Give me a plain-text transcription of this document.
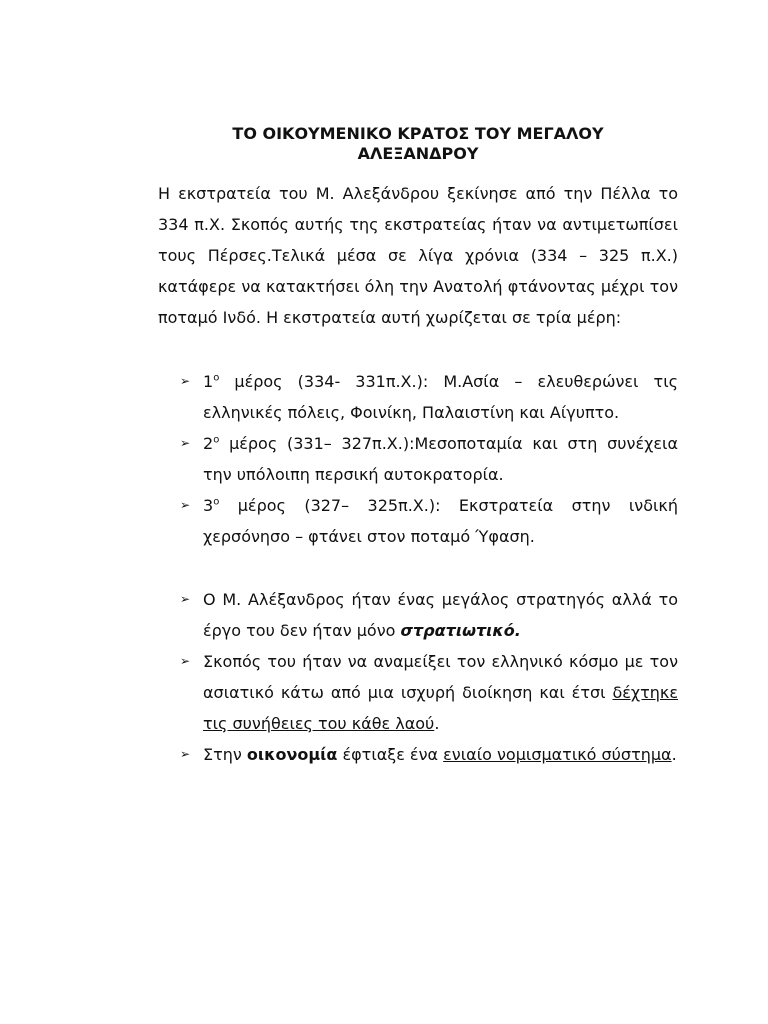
ΤΟ ΟΙΚΟΥΜΕΝΙΚΟ ΚΡΑΤΟΣ ΤΟΥ ΜΕΓΑΛΟΥ
ΑΛΕΞΑΝΔΡΟΥ

Η εκστρατεία του Μ. Αλεξάνδρου ξεκίνησε από την Πέλλα το 334 π.Χ. Σκοπός αυτής της εκστρατείας ήταν να αντιμετωπίσει τους Πέρσες.Τελικά μέσα σε λίγα χρόνια (334 – 325 π.Χ.) κατάφερε να κατακτήσει όλη την Ανατολή φτάνοντας μέχρι τον ποταμό Ινδό. Η εκστρατεία αυτή χωρίζεται σε τρία μέρη:

➢ $1^o$ μέρος (334- 331π.Χ.): Μ.Ασία – ελευθερώνει τις ελληνικές πόλεις, Φοινίκη, Παλαιστίνη και Αίγυπτο.
➢ $2^o$ μέρος (331– 327π.Χ.):Μεσοποταμία και στη συνέχεια την υπόλοιπη περσική αυτοκρατορία.
➢ $3^o$ μέρος (327– 325π.Χ.): Εκστρατεία στην ινδική χερσόνησο – φτάνει στον ποταμό Ύφαση.
➢ Ο Μ. Αλέξανδρος ήταν ένας μεγάλος στρατηγός αλλά το έργο του δεν ήταν μόνο στρατιωτικό.
➢ Σκοπός του ήταν να αναμείξει τον ελληνικό κόσμο με τον ασιατικό κάτω από μια ισχυρή διοίκηση και έτσι δέχτηκε τις συνήθειες του κάθε λαού.
➢ Στην οικονομία έφτιαξε ένα ενιαίο νομισματικό σύστημα.
